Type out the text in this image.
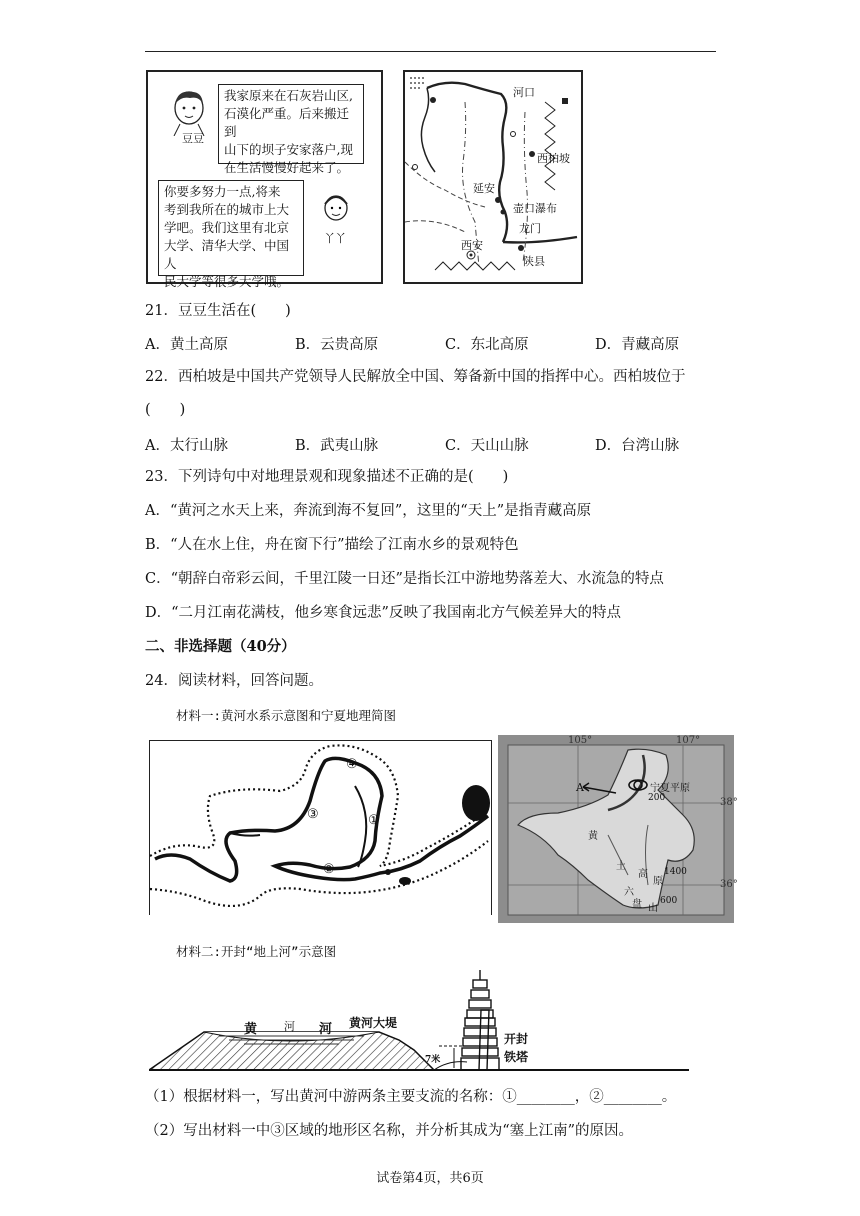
豆豆
我家原来在石灰岩山区,
石漠化严重。后来搬迁到
山下的坝子安家落户,现
在生活慢慢好起来了。
你要多努力一点,将来
考到我所在的城市上大
学吧。我们这里有北京
大学、清华大学、中国人
民大学等很多大学哦。
丫丫
河口
西柏坡
延安
壶口瀑布
龙门
西安
陕县
21．豆豆生活在(　　)
A．黄土高原	B．云贵高原	C．东北高原	D．青藏高原
22．西柏坡是中国共产党领导人民解放全中国、筹备新中国的指挥中心。西柏坡位于
(　　)
A．太行山脉	B．武夷山脉	C．天山山脉	D．台湾山脉
23．下列诗句中对地理景观和现象描述不正确的是(　　)
A．“黄河之水天上来，奔流到海不复回”，这里的“天上”是指青藏高原
B．“人在水上住，舟在窗下行”描绘了江南水乡的景观特色
C．“朝辞白帝彩云间，千里江陵一日还”是指长江中游地势落差大、水流急的特点
D．“二月江南花满枝，他乡寒食远悲”反映了我国南北方气候差异大的特点
二、非选择题（40分）
24．阅读材料，回答问题。
材料一:黄河水系示意图和宁夏地理简图
④
③	①
②
105°	107°
38°
36°
宁夏平原
A
200
黄
土
高
原
1400
600
六
盘 山
材料二:开封“地上河”示意图
黄 河 河 黄河大堤
7米
开封
铁塔
（1）根据材料一，写出黄河中游两条主要支流的名称：①________，②________。
（2）写出材料一中③区域的地形区名称，并分析其成为“塞上江南”的原因。
试卷第4页，共6页
